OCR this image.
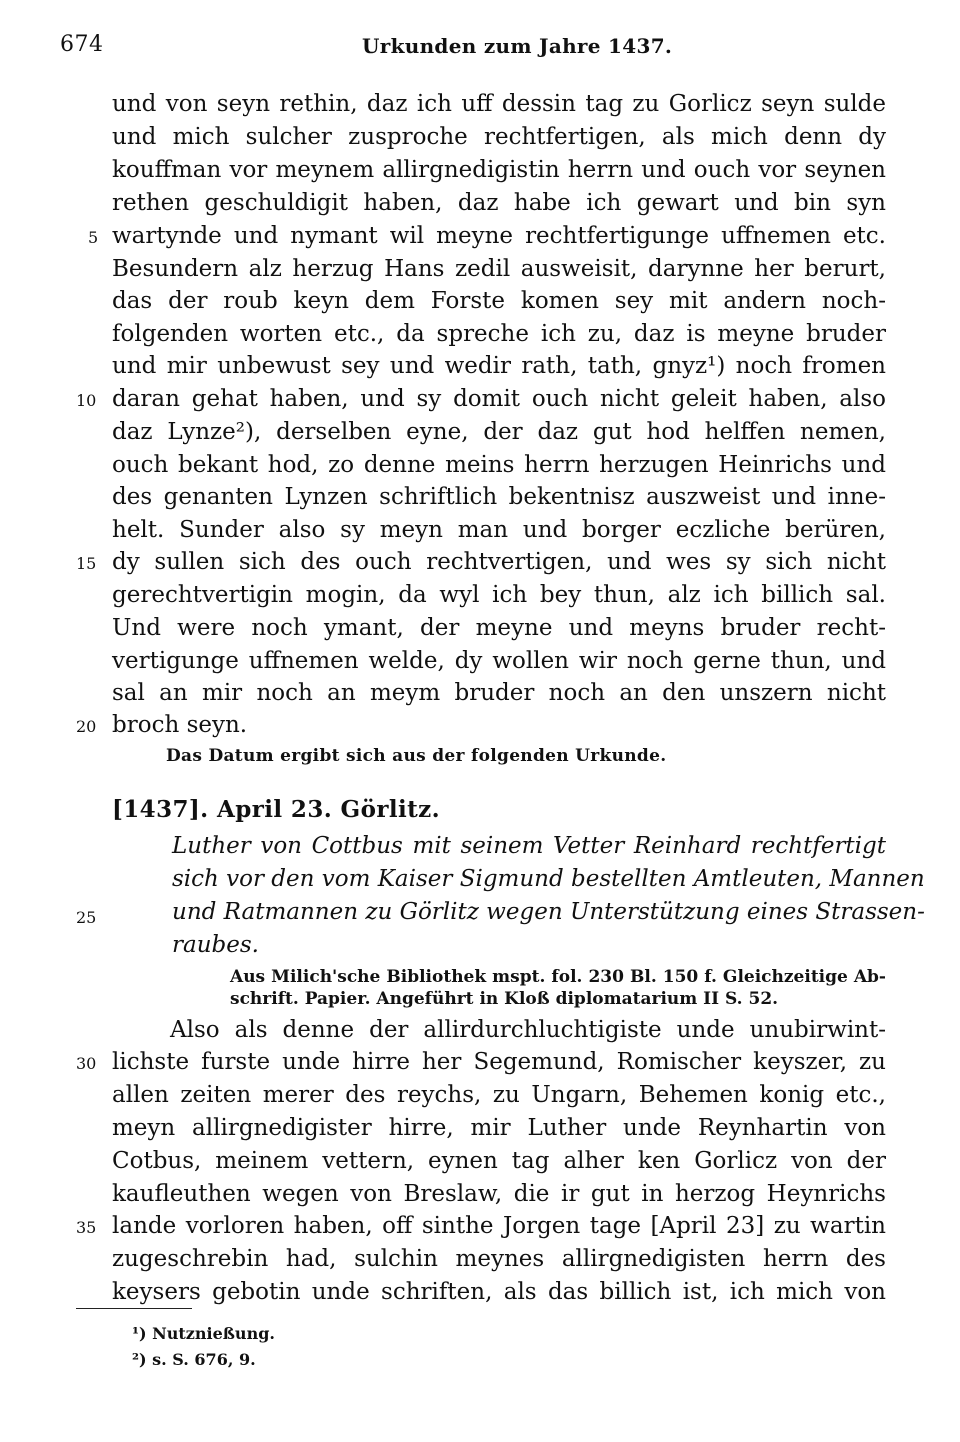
674	Urkunden zum Jahre 1437.
und von seyn rethin, daz ich uff dessin tag zu Gorlicz seyn sulde
und mich sulcher zusproche rechtfertigen, als mich denn dy
kouffman vor meynem allirgnedigistin herrn und ouch vor seynen
rethen geschuldigit haben, daz habe ich gewart und bin syn
wartynde und nymant wil meyne rechtfertigunge uffnemen etc.
Besundern alz herzug Hans zedil ausweisit, darynne her berurt,
das der roub keyn dem Forste komen sey mit andern noch-
folgenden worten etc., da spreche ich zu, daz is meyne bruder
und mir unbewust sey und wedir rath, tath, gnyz¹) noch fromen
daran gehat haben, und sy domit ouch nicht geleit haben, also
daz Lynze²), derselben eyne, der daz gut hod helffen nemen,
ouch bekant hod, zo denne meins herrn herzugen Heinrichs und
des genanten Lynzen schriftlich bekentnisz auszweist und inne-
helt. Sunder also sy meyn man und borger eczliche berüren,
dy sullen sich des ouch rechtvertigen, und wes sy sich nicht
gerechtvertigin mogin, da wyl ich bey thun, alz ich billich sal.
Und were noch ymant, der meyne und meyns bruder recht-
vertigunge uffnemen welde, dy wollen wir noch gerne thun, und
sal an mir noch an meym bruder noch an den unszern nicht
broch seyn.
Das Datum ergibt sich aus der folgenden Urkunde.
[1437]. April 23. Görlitz.
Luther von Cottbus mit seinem Vetter Reinhard rechtfertigt
sich vor den vom Kaiser Sigmund bestellten Amtleuten, Mannen
und Ratmannen zu Görlitz wegen Unterstützung eines Strassen-
raubes.
Aus Milich'sche Bibliothek mspt. fol. 230 Bl. 150 f. Gleichzeitige Ab-
schrift. Papier. Angeführt in Kloß diplomatarium II S. 52.
Also als denne der allirdurchluchtigiste unde unubirwint-
lichste furste unde hirre her Segemund, Romischer keyszer, zu
allen zeiten merer des reychs, zu Ungarn, Behemen konig etc.,
meyn allirgnedigister hirre, mir Luther unde Reynhartin von
Cotbus, meinem vettern, eynen tag alher ken Gorlicz von der
kaufleuthen wegen von Breslaw, die ir gut in herzog Heynrichs
lande vorloren haben, off sinthe Jorgen tage [April 23] zu wartin
zugeschrebin had, sulchin meynes allirgnedigisten herrn des
keysers gebotin unde schriften, als das billich ist, ich mich von
5
10
15
20
25
30
35
¹) Nutznießung.
²) s. S. 676, 9.
